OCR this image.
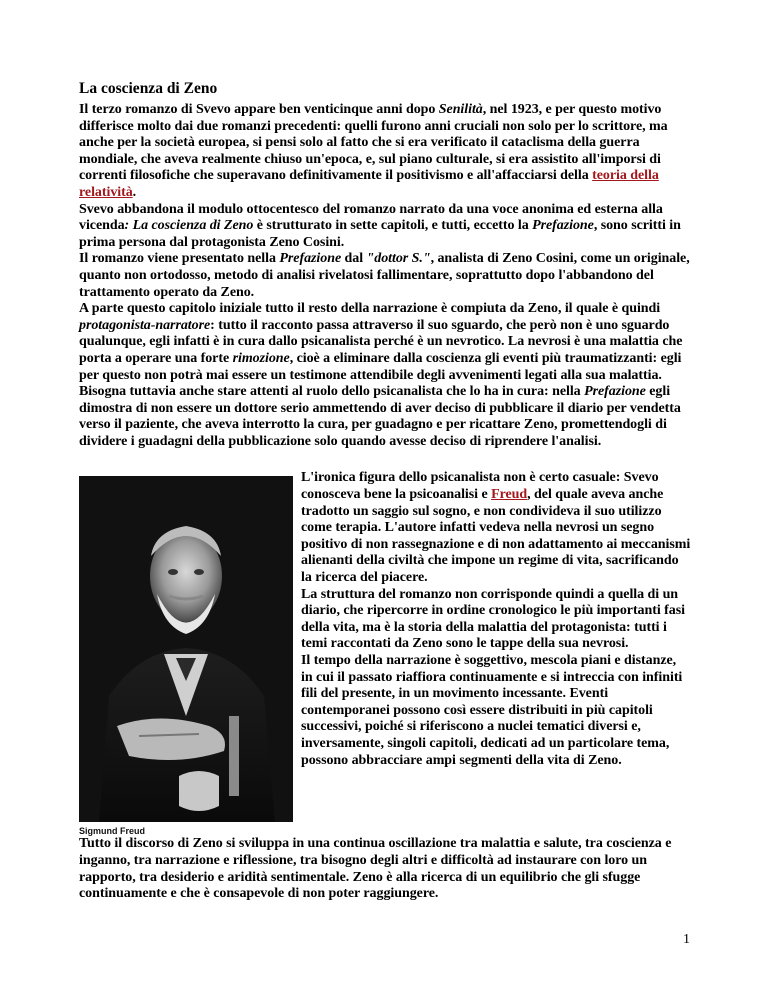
La coscienza di Zeno

Il terzo romanzo di Svevo appare ben venticinque anni dopo Senilità, nel 1923, e per questo motivo differisce molto dai due romanzi precedenti: quelli furono anni cruciali non solo per lo scrittore, ma anche per la società europea, si pensi solo al fatto che si era verificato il cataclisma della guerra mondiale, che aveva realmente chiuso un'epoca, e, sul piano culturale, si era assistito all'imporsi di correnti filosofiche che superavano definitivamente il positivismo e all'affacciarsi della teoria della relatività.

Svevo abbandona il modulo ottocentesco del romanzo narrato da una voce anonima ed esterna alla vicenda: La coscienza di Zeno è strutturato in sette capitoli, e tutti, eccetto la Prefazione, sono scritti in prima persona dal protagonista Zeno Cosini.

Il romanzo viene presentato nella Prefazione dal "dottor S.", analista di Zeno Cosini, come un originale, quanto non ortodosso, metodo di analisi rivelatosi fallimentare, soprattutto dopo l'abbandono del trattamento operato da Zeno.

A parte questo capitolo iniziale tutto il resto della narrazione è compiuta da Zeno, il quale è quindi protagonista-narratore: tutto il racconto passa attraverso il suo sguardo, che però non è uno sguardo qualunque, egli infatti è in cura dallo psicanalista perché è un nevrotico. La nevrosi è una malattia che porta a operare una forte rimozione, cioè a eliminare dalla coscienza gli eventi più traumatizzanti: egli per questo non potrà mai essere un testimone attendibile degli avvenimenti legati alla sua malattia.

Bisogna tuttavia anche stare attenti al ruolo dello psicanalista che lo ha in cura: nella Prefazione egli dimostra di non essere un dottore serio ammettendo di aver deciso di pubblicare il diario per vendetta verso il paziente, che aveva interrotto la cura, per guadagno e per ricattare Zeno, promettendogli di dividere i guadagni della pubblicazione solo quando avesse deciso di riprendere l'analisi.

Sigmund Freud

L'ironica figura dello psicanalista non è certo casuale: Svevo conosceva bene la psicoanalisi e Freud, del quale aveva anche tradotto un saggio sul sogno, e non condivideva il suo utilizzo come terapia. L'autore infatti vedeva nella nevrosi un segno positivo di non rassegnazione e di non adattamento ai meccanismi alienanti della civiltà che impone un regime di vita, sacrificando la ricerca del piacere.

La struttura del romanzo non corrisponde quindi a quella di un diario, che ripercorre in ordine cronologico le più importanti fasi della vita, ma è la storia della malattia del protagonista: tutti i temi raccontati da Zeno sono le tappe della sua nevrosi.

Il tempo della narrazione è soggettivo, mescola piani e distanze, in cui il passato riaffiora continuamente e si intreccia con infiniti fili del presente, in un movimento incessante. Eventi contemporanei possono così essere distribuiti in più capitoli successivi, poiché si riferiscono a nuclei tematici diversi e, inversamente, singoli capitoli, dedicati ad un particolare tema, possono abbracciare ampi segmenti della vita di Zeno.

Tutto il discorso di Zeno si sviluppa in una continua oscillazione tra malattia e salute, tra coscienza e inganno, tra narrazione e riflessione, tra bisogno degli altri e difficoltà ad instaurare con loro un rapporto, tra desiderio e aridità sentimentale. Zeno è alla ricerca di un equilibrio che gli sfugge continuamente e che è consapevole di non poter raggiungere.

1
